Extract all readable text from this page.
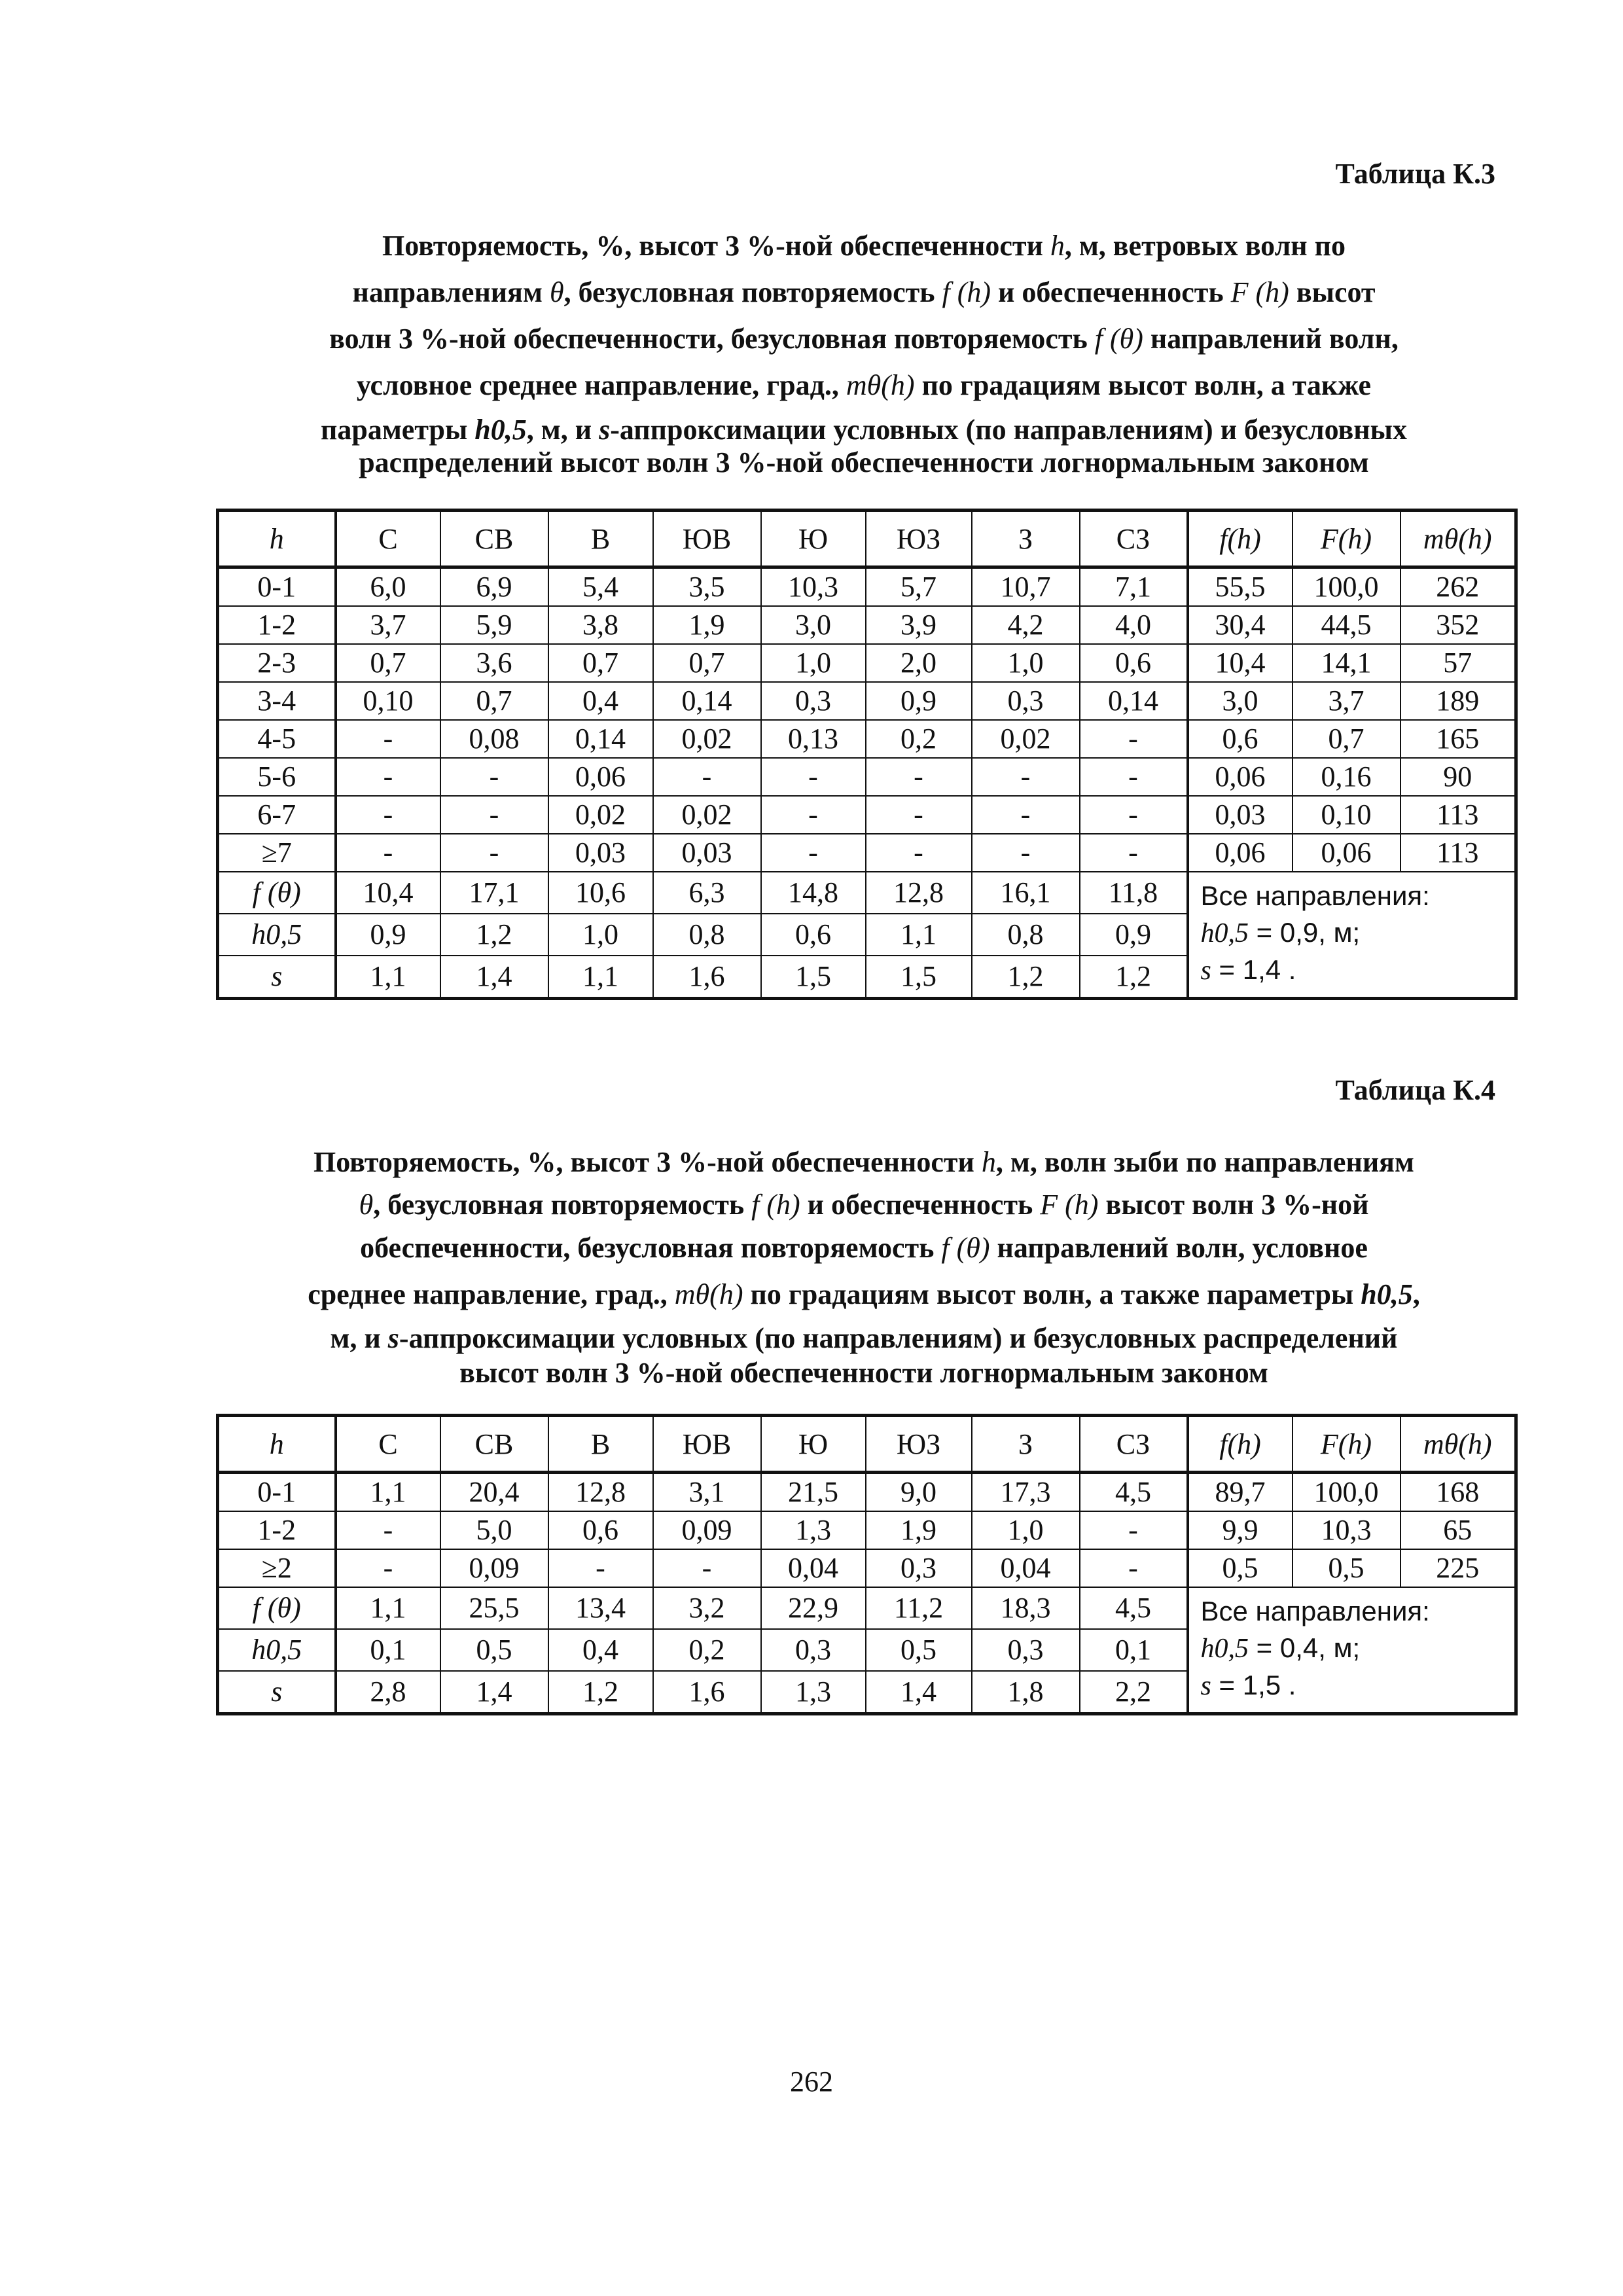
Таблица К.3

Повторяемость, %, высот 3 %-ной обеспеченности h, м, ветровых волн по
направлениям θ, безусловная повторяемость f (h) и обеспеченность F (h) высот
волн 3 %-ной обеспеченности, безусловная повторяемость f (θ) направлений волн,
условное среднее направление, град., mθ(h) по градациям высот волн, а также
параметры h0,5, м, и s-аппроксимации условных (по направлениям) и безусловных
распределений высот волн 3 %-ной обеспеченности логнормальным законом
h	С	СВ	В	ЮВ	Ю	ЮЗ	З	СЗ	f(h)	F(h)	mθ(h)
0-1	6,0	6,9	5,4	3,5	10,3	5,7	10,7	7,1	55,5	100,0	262
1-2	3,7	5,9	3,8	1,9	3,0	3,9	4,2	4,0	30,4	44,5	352
2-3	0,7	3,6	0,7	0,7	1,0	2,0	1,0	0,6	10,4	14,1	57
3-4	0,10	0,7	0,4	0,14	0,3	0,9	0,3	0,14	3,0	3,7	189
4-5	-	0,08	0,14	0,02	0,13	0,2	0,02	-	0,6	0,7	165
5-6	-	-	0,06	-	-	-	-	-	0,06	0,16	90
6-7	-	-	0,02	0,02	-	-	-	-	0,03	0,10	113
≥7	-	-	0,03	0,03	-	-	-	-	0,06	0,06	113
f (θ)	10,4	17,1	10,6	6,3	14,8	12,8	16,1	11,8	Все направления:
h0,5 = 0,9, м;
s = 1,4 .		

h0,5	0,9	1,2	1,0	0,8	0,6	1,1	0,8	0,9			
s	1,1	1,4	1,1	1,6	1,5	1,5	1,2	1,2			

Таблица К.4

Повторяемость, %, высот 3 %-ной обеспеченности h, м, волн зыби по направлениям
θ, безусловная повторяемость f (h) и обеспеченность F (h) высот волн 3 %-ной
обеспеченности, безусловная повторяемость f (θ) направлений волн, условное
среднее направление, град., mθ(h) по градациям высот волн, а также параметры h0,5,
м, и s-аппроксимации условных (по направлениям) и безусловных распределений
высот волн 3 %-ной обеспеченности логнормальным законом
h	С	СВ	В	ЮВ	Ю	ЮЗ	З	СЗ	f(h)	F(h)	mθ(h)
0-1	1,1	20,4	12,8	3,1	21,5	9,0	17,3	4,5	89,7	100,0	168
1-2	-	5,0	0,6	0,09	1,3	1,9	1,0	-	9,9	10,3	65
≥2	-	0,09	-	-	0,04	0,3	0,04	-	0,5	0,5	225
f (θ)	1,1	25,5	13,4	3,2	22,9	11,2	18,3	4,5	Все направления:
h0,5 = 0,4, м;
s = 1,5 .		

h0,5	0,1	0,5	0,4	0,2	0,3	0,5	0,3	0,1			
s	2,8	1,4	1,2	1,6	1,3	1,4	1,8	2,2			

262
